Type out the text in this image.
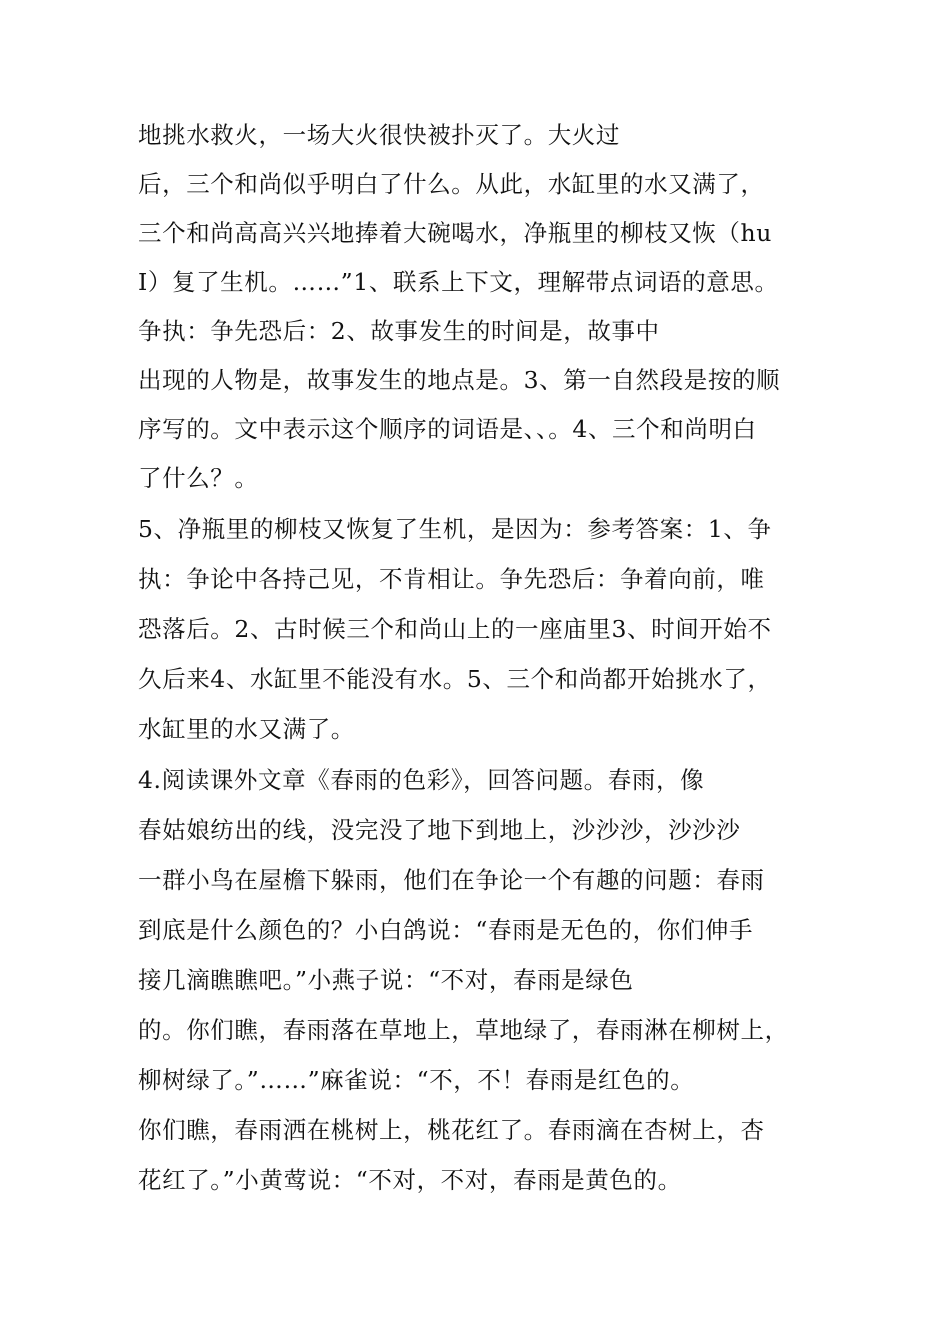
地挑水救火，一场大火很快被扑灭了。大火过
后，三个和尚似乎明白了什么。从此，水缸里的水又满了，
三个和尚高高兴兴地捧着大碗喝水，净瓶里的柳枝又恢（hu
I）复了生机。……”1、联系上下文，理解带点词语的意思。
争执：争先恐后：2、故事发生的时间是，故事中
出现的人物是，故事发生的地点是。3、第一自然段是按的顺
序写的。文中表示这个顺序的词语是、、。4、三个和尚明白
了什么？。
5、净瓶里的柳枝又恢复了生机，是因为：参考答案：1、争
执：争论中各持己见，不肯相让。争先恐后：争着向前，唯
恐落后。2、古时候三个和尚山上的一座庙里3、时间开始不
久后来4、水缸里不能没有水。5、三个和尚都开始挑水了，
水缸里的水又满了。
4.阅读课外文章《春雨的色彩》，回答问题。春雨，像
春姑娘纺出的线，没完没了地下到地上，沙沙沙，沙沙沙
一群小鸟在屋檐下躲雨，他们在争论一个有趣的问题：春雨
到底是什么颜色的？小白鸽说：“春雨是无色的，你们伸手
接几滴瞧瞧吧。”小燕子说：“不对，春雨是绿色
的。你们瞧，春雨落在草地上，草地绿了，春雨淋在柳树上，
柳树绿了。”……”麻雀说：“不，不！春雨是红色的。
你们瞧，春雨洒在桃树上，桃花红了。春雨滴在杏树上，杏
花红了。”小黄莺说：“不对，不对，春雨是黄色的。
